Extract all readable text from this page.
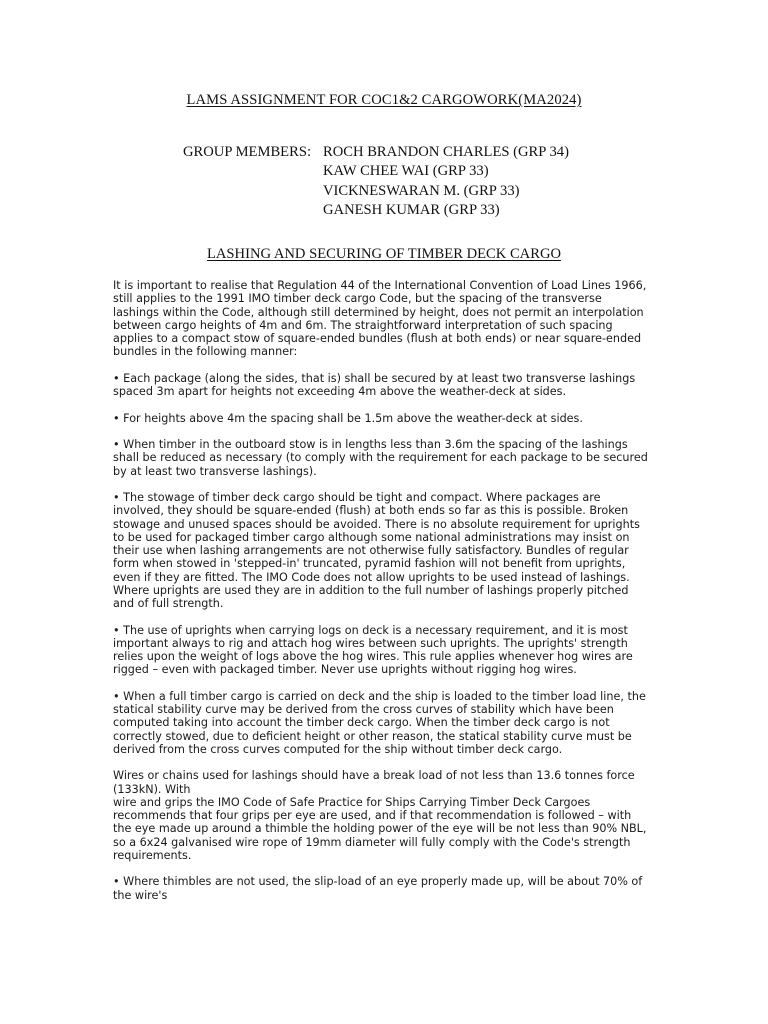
LAMS ASSIGNMENT FOR COC1&2 CARGOWORK(MA2024)
GROUP MEMBERS: ROCH BRANDON CHARLES (GRP 34)
KAW CHEE WAI (GRP 33)
VICKNESWARAN M. (GRP 33)
GANESH KUMAR (GRP 33)
LASHING AND SECURING OF TIMBER DECK CARGO

It is important to realise that Regulation 44 of the International Convention of Load Lines 1966,
still applies to the 1991 IMO timber deck cargo Code, but the spacing of the transverse
lashings within the Code, although still determined by height, does not permit an interpolation
between cargo heights of 4m and 6m. The straightforward interpretation of such spacing
applies to a compact stow of square-ended bundles (flush at both ends) or near square-ended
bundles in the following manner:

• Each package (along the sides, that is) shall be secured by at least two transverse lashings
spaced 3m apart for heights not exceeding 4m above the weather-deck at sides.

• For heights above 4m the spacing shall be 1.5m above the weather-deck at sides.

• When timber in the outboard stow is in lengths less than 3.6m the spacing of the lashings
shall be reduced as necessary (to comply with the requirement for each package to be secured
by at least two transverse lashings).

• The stowage of timber deck cargo should be tight and compact. Where packages are
involved, they should be square-ended (flush) at both ends so far as this is possible. Broken
stowage and unused spaces should be avoided. There is no absolute requirement for uprights
to be used for packaged timber cargo although some national administrations may insist on
their use when lashing arrangements are not otherwise fully satisfactory. Bundles of regular
form when stowed in 'stepped-in' truncated, pyramid fashion will not benefit from uprights,
even if they are fitted. The IMO Code does not allow uprights to be used instead of lashings.
Where uprights are used they are in addition to the full number of lashings properly pitched
and of full strength.

• The use of uprights when carrying logs on deck is a necessary requirement, and it is most
important always to rig and attach hog wires between such uprights. The uprights' strength
relies upon the weight of logs above the hog wires. This rule applies whenever hog wires are
rigged – even with packaged timber. Never use uprights without rigging hog wires.

• When a full timber cargo is carried on deck and the ship is loaded to the timber load line, the
statical stability curve may be derived from the cross curves of stability which have been
computed taking into account the timber deck cargo. When the timber deck cargo is not
correctly stowed, due to deficient height or other reason, the statical stability curve must be
derived from the cross curves computed for the ship without timber deck cargo.

Wires or chains used for lashings should have a break load of not less than 13.6 tonnes force
(133kN). With
wire and grips the IMO Code of Safe Practice for Ships Carrying Timber Deck Cargoes
recommends that four grips per eye are used, and if that recommendation is followed – with
the eye made up around a thimble the holding power of the eye will be not less than 90% NBL,
so a 6x24 galvanised wire rope of 19mm diameter will fully comply with the Code's strength
requirements.

• Where thimbles are not used, the slip-load of an eye properly made up, will be about 70% of
the wire's
